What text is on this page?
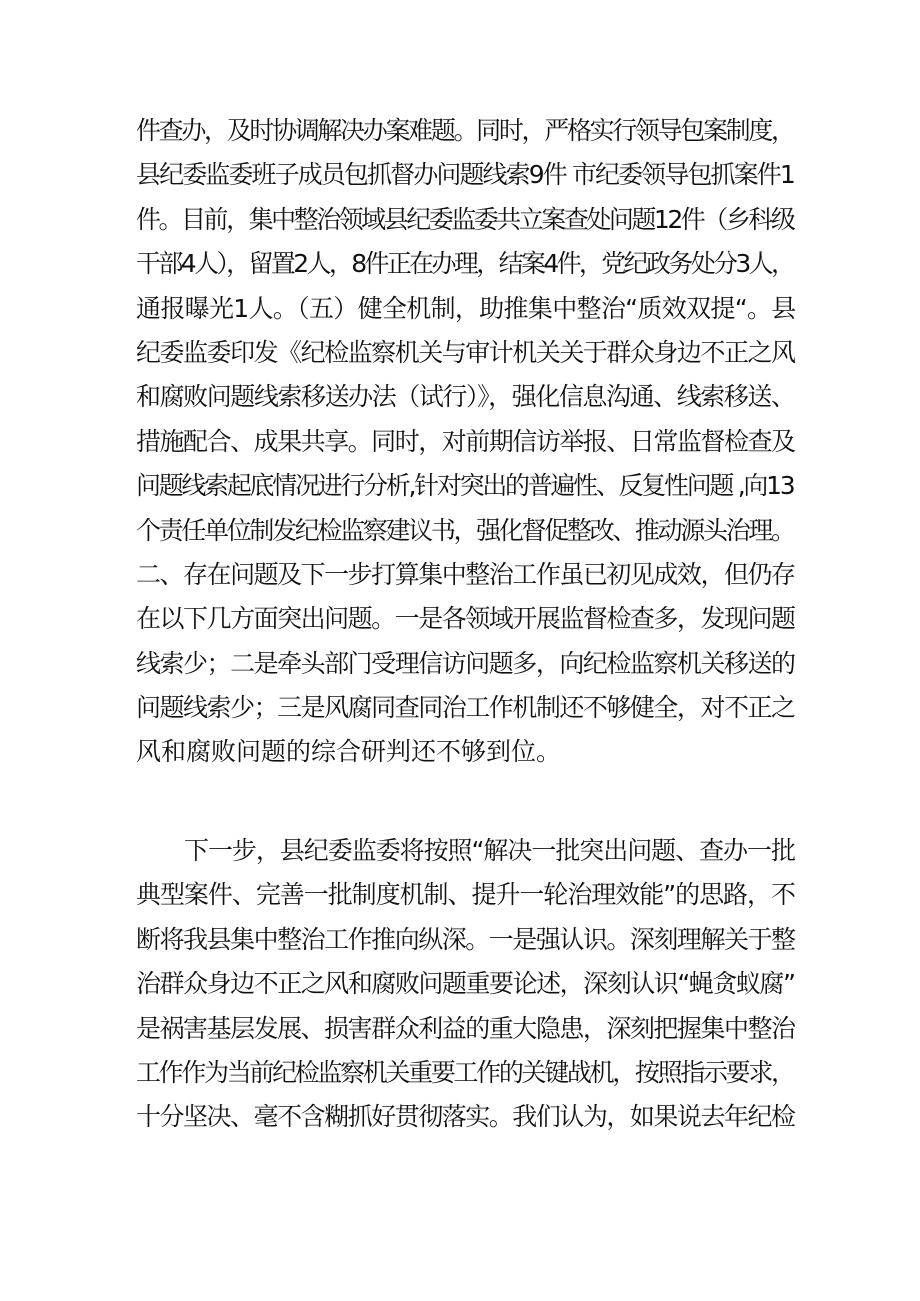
件查办，及时协调解决办案难题。同时，严格实行领导包案制度，
县纪委监委班子成员包抓督办问题线索9件 市纪委领导包抓案件1
件。目前，集中整治领域县纪委监委共立案查处问题12件（乡科级
干部4人），留置2人，8件正在办理，结案4件，党纪政务处分3人，
通报曝光1人。（五）健全机制，助推集中整治“质效双提“。县
纪委监委印发《纪检监察机关与审计机关关于群众身边不正之风
和腐败问题线索移送办法（试行）》，强化信息沟通、线索移送、
措施配合、成果共享。同时，对前期信访举报、日常监督检查及
问题线索起底情况进行分析,针对突出的普遍性、反复性问题 ,向13
个责任单位制发纪检监察建议书，强化督促整改、推动源头治理。
二、存在问题及下一步打算集中整治工作虽已初见成效，但仍存
在以下几方面突出问题。一是各领域开展监督检查多，发现问题
线索少；二是牵头部门受理信访问题多，向纪检监察机关移送的
问题线索少；三是风腐同查同治工作机制还不够健全，对不正之
风和腐败问题的综合研判还不够到位。
下一步，县纪委监委将按照“解决一批突出问题、查办一批
典型案件、完善一批制度机制、提升一轮治理效能”的思路，不
断将我县集中整治工作推向纵深。一是强认识。深刻理解关于整
治群众身边不正之风和腐败问题重要论述，深刻认识“蝇贪蚁腐”
是祸害基层发展、损害群众利益的重大隐患，深刻把握集中整治
工作作为当前纪检监察机关重要工作的关键战机，按照指示要求，
十分坚决、毫不含糊抓好贯彻落实。我们认为，如果说去年纪检
